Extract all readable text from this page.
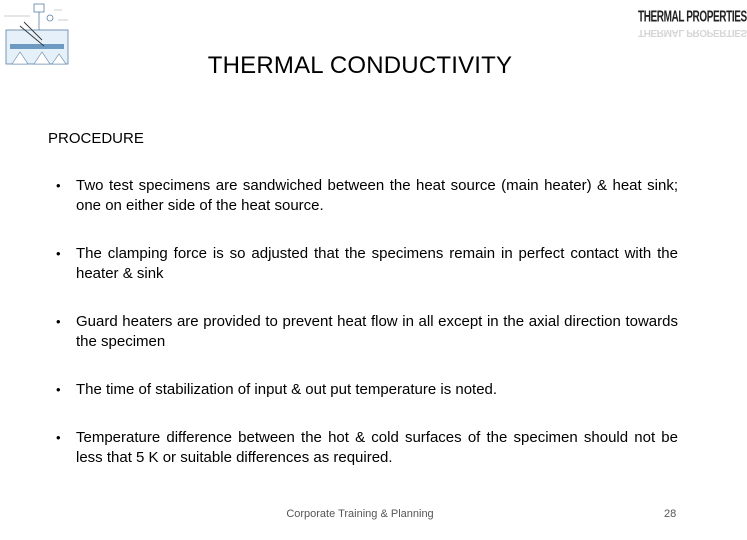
THERMAL PROPERTIES
THERMAL PROPERTIES
THERMAL CONDUCTIVITY
PROCEDURE
• Two test specimens are sandwiched between the heat source (main heater) & heat sink; one on either side of the heat source.
• The clamping force is so adjusted that the specimens remain in perfect contact with the heater & sink
• Guard heaters are provided to prevent heat flow in all except in the axial direction towards the specimen
• The time of stabilization of input & out put temperature is noted.
• Temperature difference between the hot & cold surfaces of the specimen should not be less that 5 K or suitable differences as required.
Corporate Training & Planning	28
